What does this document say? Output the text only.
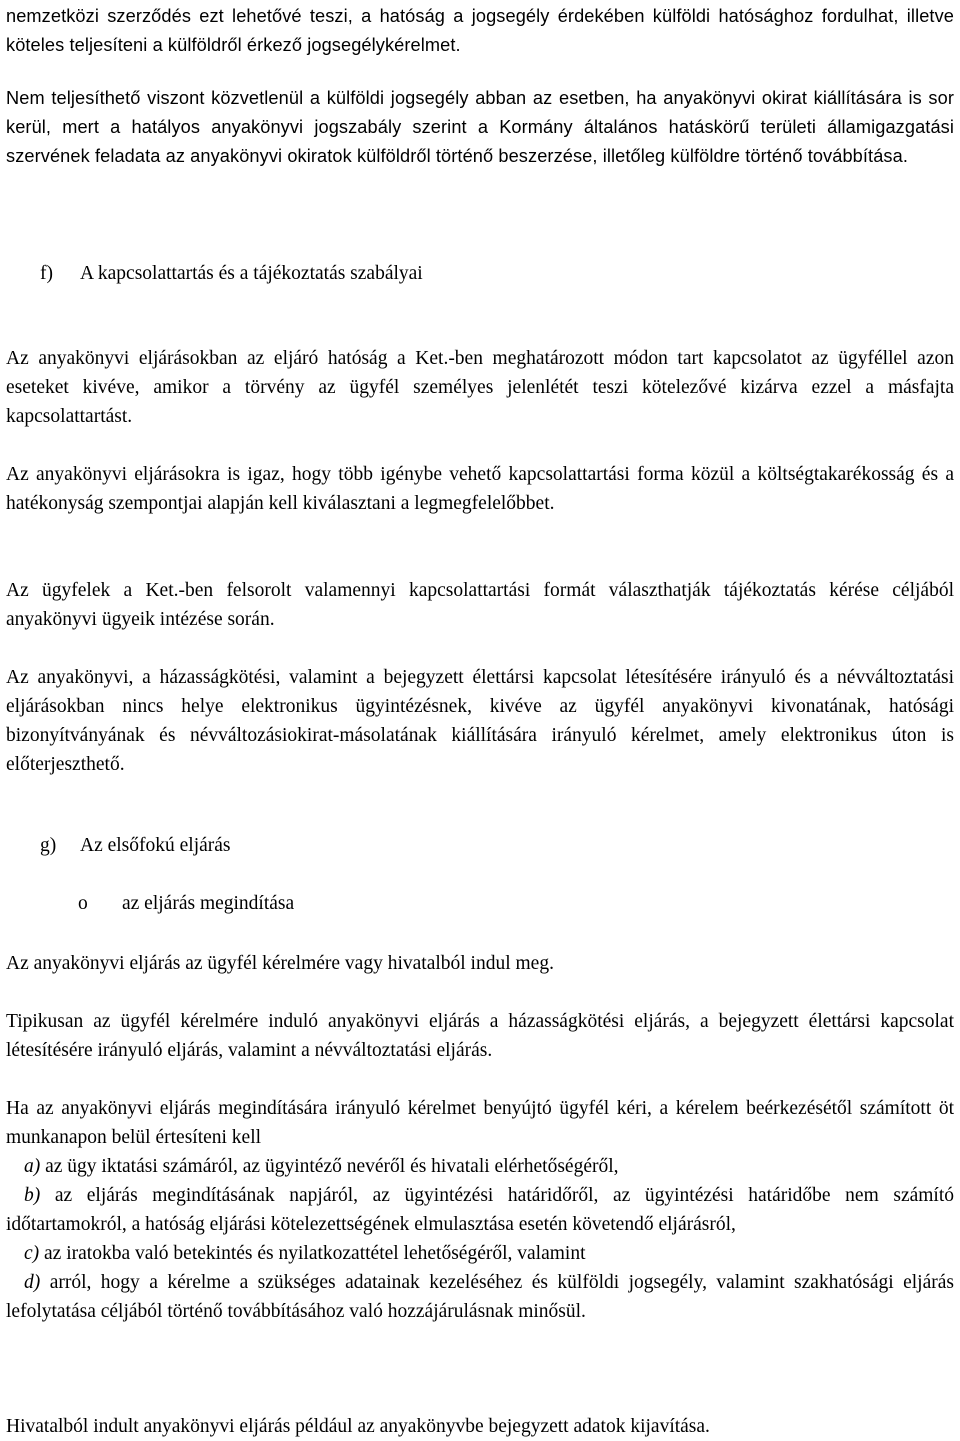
nemzetközi szerződés ezt lehetővé teszi, a hatóság a jogsegély érdekében külföldi hatósághoz fordulhat, illetve köteles teljesíteni a külföldről érkező jogsegélykérelmet.

Nem teljesíthető viszont közvetlenül a külföldi jogsegély abban az esetben, ha anyakönyvi okirat kiállítására is sor kerül, mert a hatályos anyakönyvi jogszabály szerint a Kormány általános hatáskörű területi államigazgatási szervének feladata az anyakönyvi okiratok külföldről történő beszerzése, illetőleg külföldre történő továbbítása.

f) A kapcsolattartás és a tájékoztatás szabályai

Az anyakönyvi eljárásokban az eljáró hatóság a Ket.-ben meghatározott módon tart kapcsolatot az ügyféllel azon eseteket kivéve, amikor a törvény az ügyfél személyes jelenlétét teszi kötelezővé kizárva ezzel a másfajta kapcsolattartást.

Az anyakönyvi eljárásokra is igaz, hogy több igénybe vehető kapcsolattartási forma közül a költségtakarékosság és a hatékonyság szempontjai alapján kell kiválasztani a legmegfelelőbbet.

Az ügyfelek a Ket.-ben felsorolt valamennyi kapcsolattartási formát választhatják tájékoztatás kérése céljából anyakönyvi ügyeik intézése során.

Az anyakönyvi, a házasságkötési, valamint a bejegyzett élettársi kapcsolat létesítésére irányuló és a névváltoztatási eljárásokban nincs helye elektronikus ügyintézésnek, kivéve az ügyfél anyakönyvi kivonatának, hatósági bizonyítványának és névváltozásiokirat-másolatának kiállítására irányuló kérelmet, amely elektronikus úton is előterjeszthető.

g) Az elsőfokú eljárás
o az eljárás megindítása

Az anyakönyvi eljárás az ügyfél kérelmére vagy hivatalból indul meg.

Tipikusan az ügyfél kérelmére induló anyakönyvi eljárás a házasságkötési eljárás, a bejegyzett élettársi kapcsolat létesítésére irányuló eljárás, valamint a névváltoztatási eljárás.

Ha az anyakönyvi eljárás megindítására irányuló kérelmet benyújtó ügyfél kéri, a kérelem beérkezésétől számított öt munkanapon belül értesíteni kell

a) az ügy iktatási számáról, az ügyintéző nevéről és hivatali elérhetőségéről,

b) az eljárás megindításának napjáról, az ügyintézési határidőről, az ügyintézési határidőbe nem számító időtartamokról, a hatóság eljárási kötelezettségének elmulasztása esetén követendő eljárásról,

c) az iratokba való betekintés és nyilatkozattétel lehetőségéről, valamint

d) arról, hogy a kérelme a szükséges adatainak kezeléséhez és külföldi jogsegély, valamint szakhatósági eljárás lefolytatása céljából történő továbbításához való hozzájárulásnak minősül.

Hivatalból indult anyakönyvi eljárás például az anyakönyvbe bejegyzett adatok kijavítása.
